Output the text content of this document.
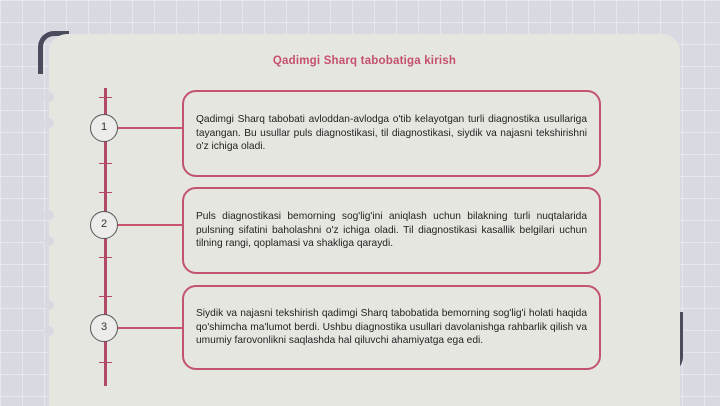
Qadimgi Sharq tabobatiga kirish
1

Qadimgi Sharq tabobati avloddan-avlodga o'tib kelayotgan turli diagnostika usullariga tayangan. Bu usullar puls diagnostikasi, til diagnostikasi, siydik va najasni tekshirishni o'z ichiga oladi.

2

Puls diagnostikasi bemorning sog'lig'ini aniqlash uchun bilakning turli nuqtalarida pulsning sifatini baholashni o'z ichiga oladi. Til diagnostikasi kasallik belgilari uchun tilning rangi, qoplamasi va shakliga qaraydi.

3

Siydik va najasni tekshirish qadimgi Sharq tabobatida bemorning sog'lig'i holati haqida qo'shimcha ma'lumot berdi. Ushbu diagnostika usullari davolanishga rahbarlik qilish va umumiy farovonlikni saqlashda hal qiluvchi ahamiyatga ega edi.
